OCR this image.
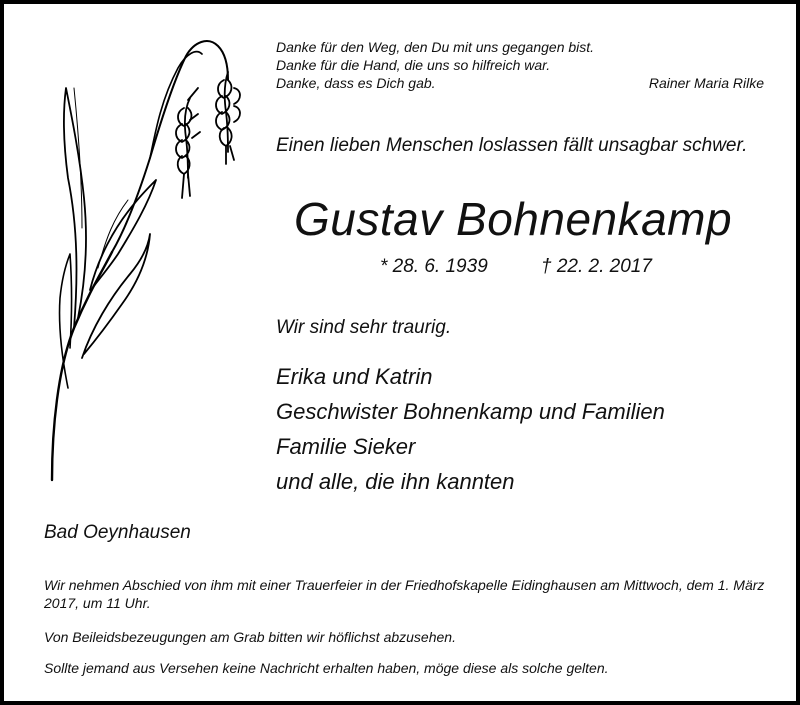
Danke für den Weg, den Du mit uns gegangen bist.
Danke für die Hand, die uns so hilfreich war.
Danke, dass es Dich gab.	Rainer Maria Rilke
Einen lieben Menschen loslassen fällt unsagbar schwer.
Gustav Bohnenkamp
* 28. 6. 1939	† 22. 2. 2017
Wir sind sehr traurig.
Erika und Katrin
Geschwister Bohnenkamp und Familien
Familie Sieker
und alle, die ihn kannten
Bad Oeynhausen
Wir nehmen Abschied von ihm mit einer Trauerfeier in der Friedhofskapelle Eidinghausen am Mittwoch, dem 1. März 2017, um 11 Uhr.
Von Beileidsbezeugungen am Grab bitten wir höflichst abzusehen.
Sollte jemand aus Versehen keine Nachricht erhalten haben, möge diese als solche gelten.
